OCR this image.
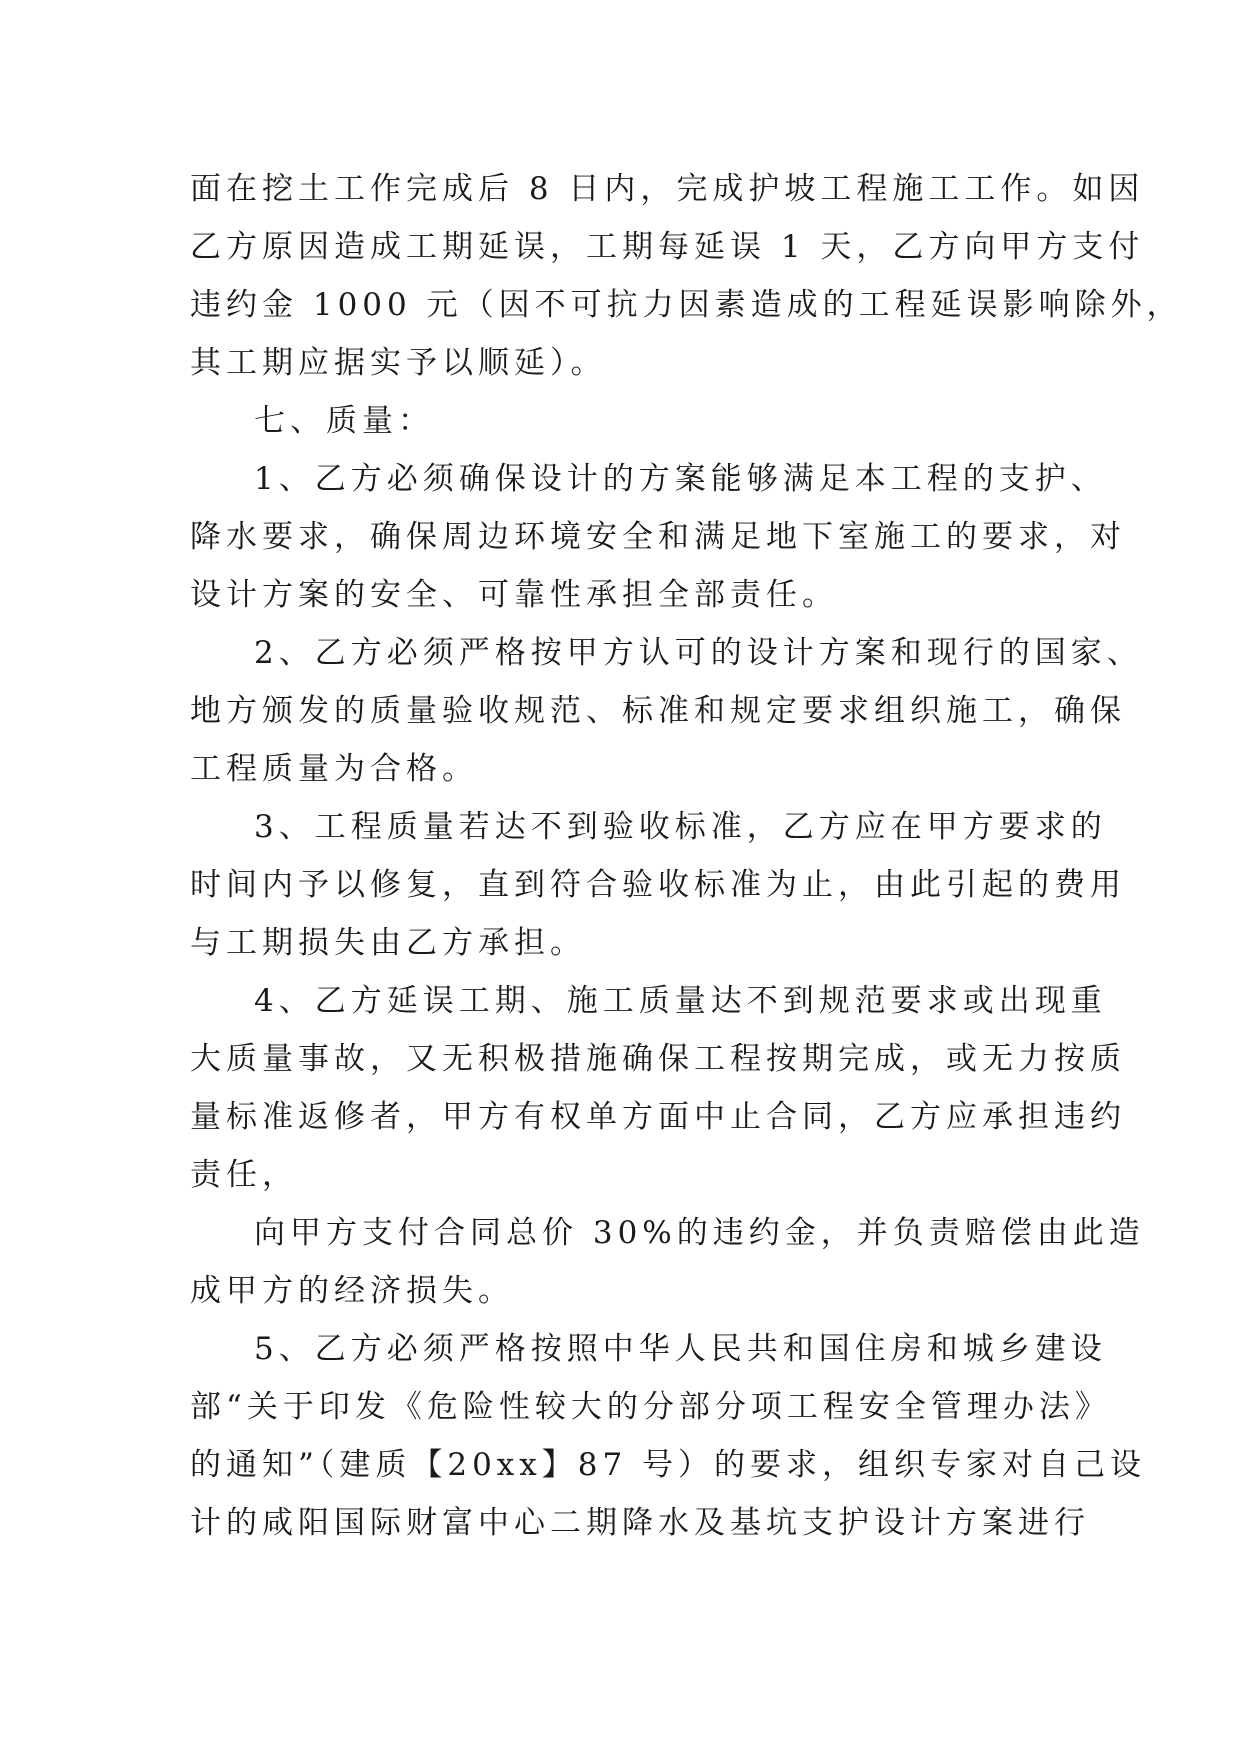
面在挖土工作完成后 8 日内，完成护坡工程施工工作。如因
乙方原因造成工期延误，工期每延误 1 天，乙方向甲方支付
违约金 1000 元（因不可抗力因素造成的工程延误影响除外，
其工期应据实予以顺延）。
七、质量：
1、乙方必须确保设计的方案能够满足本工程的支护、
降水要求，确保周边环境安全和满足地下室施工的要求，对
设计方案的安全、可靠性承担全部责任。
2、乙方必须严格按甲方认可的设计方案和现行的国家、
地方颁发的质量验收规范、标准和规定要求组织施工，确保
工程质量为合格。
3、工程质量若达不到验收标准，乙方应在甲方要求的
时间内予以修复，直到符合验收标准为止，由此引起的费用
与工期损失由乙方承担。
4、乙方延误工期、施工质量达不到规范要求或出现重
大质量事故，又无积极措施确保工程按期完成，或无力按质
量标准返修者，甲方有权单方面中止合同，乙方应承担违约
责任，
向甲方支付合同总价 30%的违约金，并负责赔偿由此造
成甲方的经济损失。
5、乙方必须严格按照中华人民共和国住房和城乡建设
部“关于印发《危险性较大的分部分项工程安全管理办法》
的通知”（建质【20xx】87 号）的要求，组织专家对自己设
计的咸阳国际财富中心二期降水及基坑支护设计方案进行
